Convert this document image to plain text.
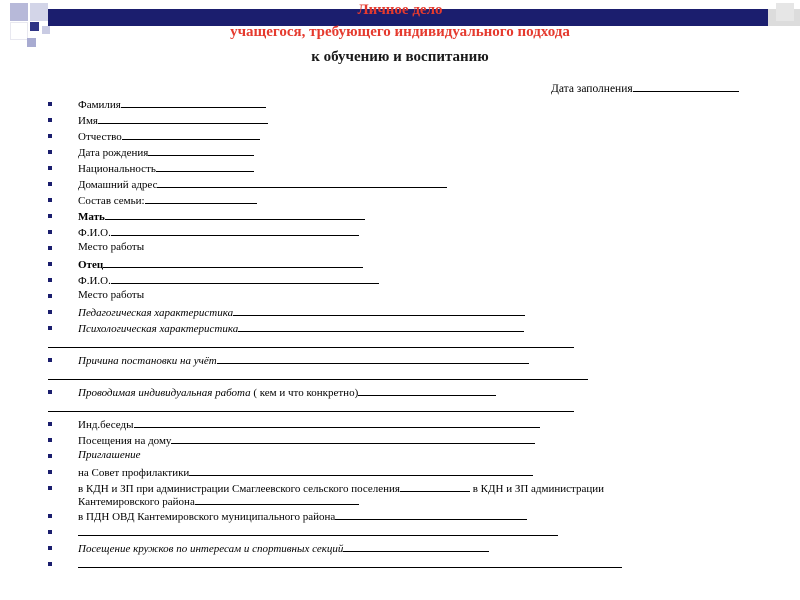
Личное дело
учащегося, требующего индивидуального подхода
к обучению и воспитанию
Дата заполнения
Фамилия
Имя
Отчество
Дата рождения
Национальность
Домашний адрес
Состав семьи:
Мать
Ф.И.О.
Место работы
Отец
Ф.И.О.
Место работы
Педагогическая характеристика
Психологическая характеристика
Причина постановки на учёт
Проводимая индивидуальная работа ( кем и что конкретно)
Инд.беседы
Посещения на дому
Приглашение
на Совет профилактики
в КДН и ЗП при администрации Смаглеевского сельского поселения	в КДН и ЗП администрации
Кантемировского района
в ПДН ОВД Кантемировского муниципального района
Посещение кружков по интересам и спортивных секций
